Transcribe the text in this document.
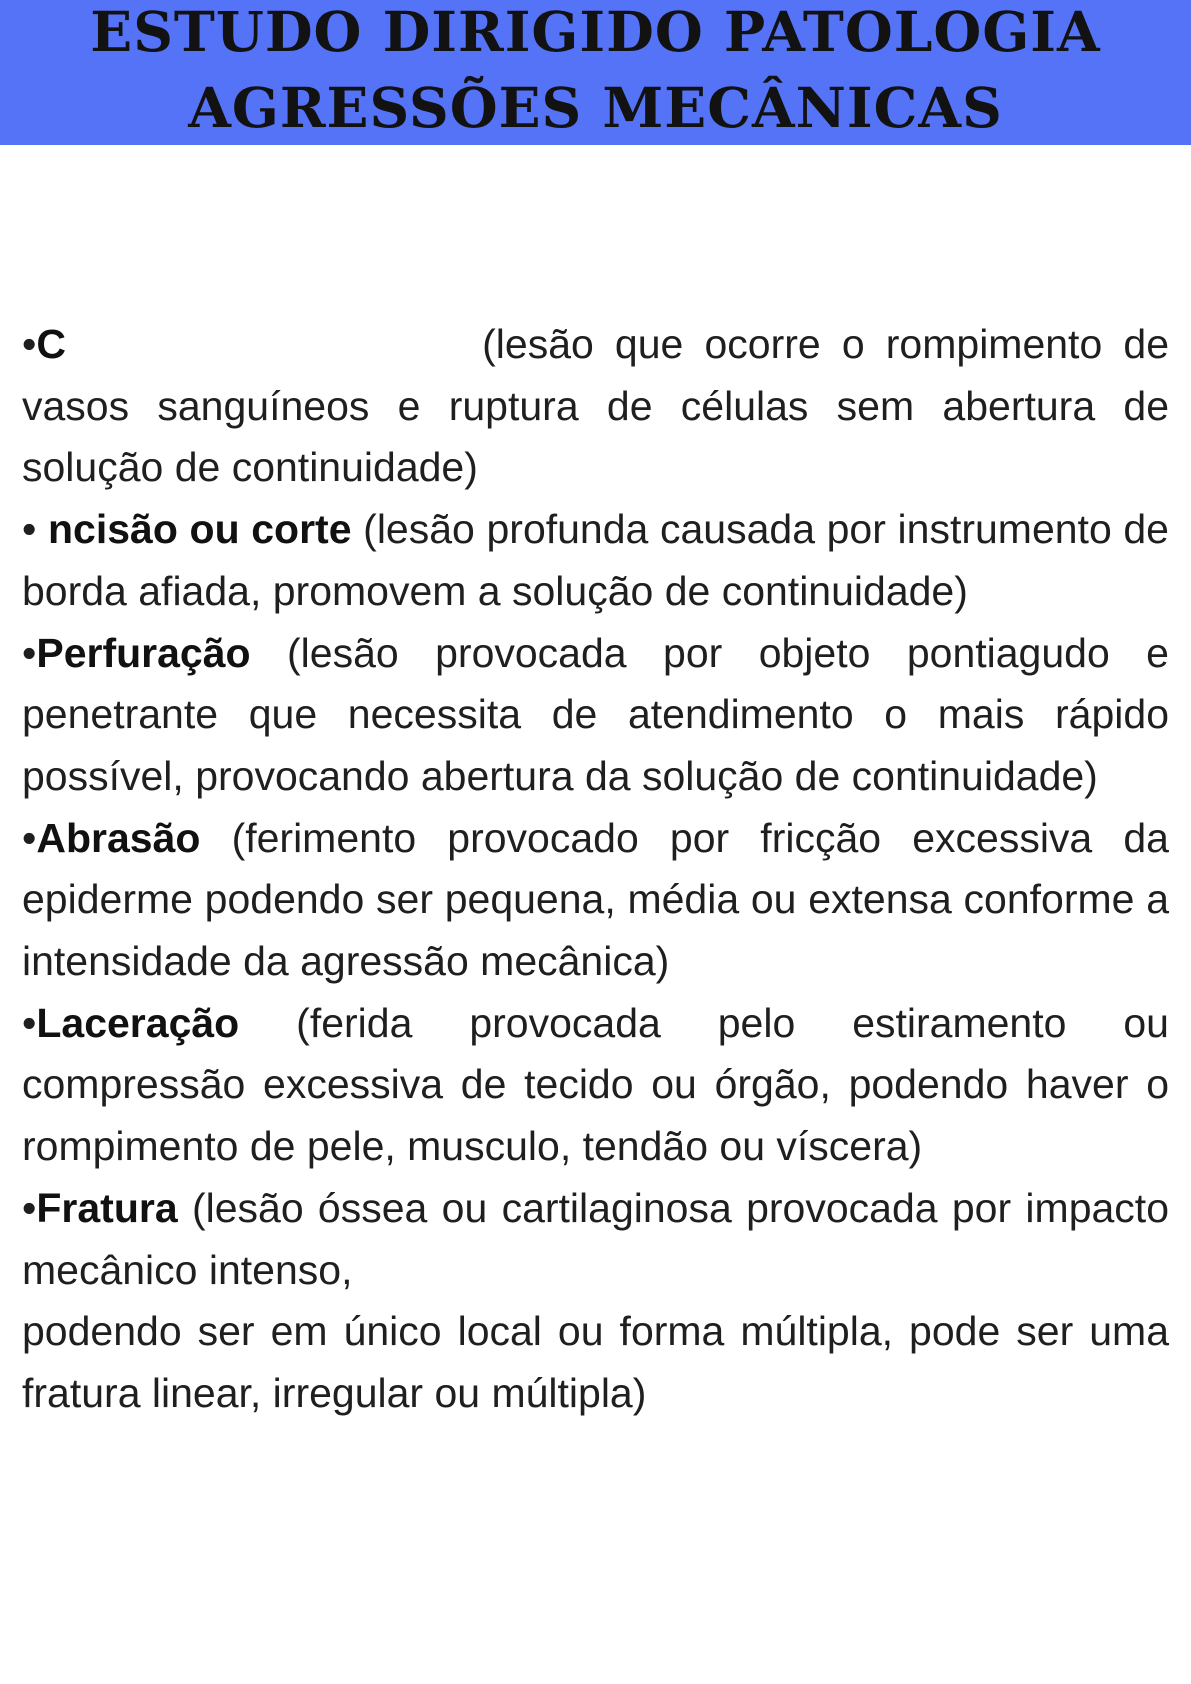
ESTUDO DIRIGIDO PATOLOGIA
AGRESSÕES MECÂNICAS

•C	(lesão que ocorre o rompimento de vasos sanguíneos e ruptura de células sem abertura de solução de continuidade)

• ncisão ou corte (lesão profunda causada por instrumento de borda afiada, promovem a solução de continuidade)

•Perfuração (lesão provocada por objeto pontiagudo e penetrante que necessita de atendimento o mais rápido possível, provocando abertura da solução de continuidade)

•Abrasão (ferimento provocado por fricção excessiva da epiderme podendo ser pequena, média ou extensa conforme a intensidade da agressão mecânica)

•Laceração (ferida provocada pelo estiramento ou compressão excessiva de tecido ou órgão, podendo haver o rompimento de pele, musculo, tendão ou víscera)

•Fratura (lesão óssea ou cartilaginosa provocada por impacto mecânico intenso,

podendo ser em único local ou forma múltipla, pode ser uma fratura linear, irregular ou múltipla)
